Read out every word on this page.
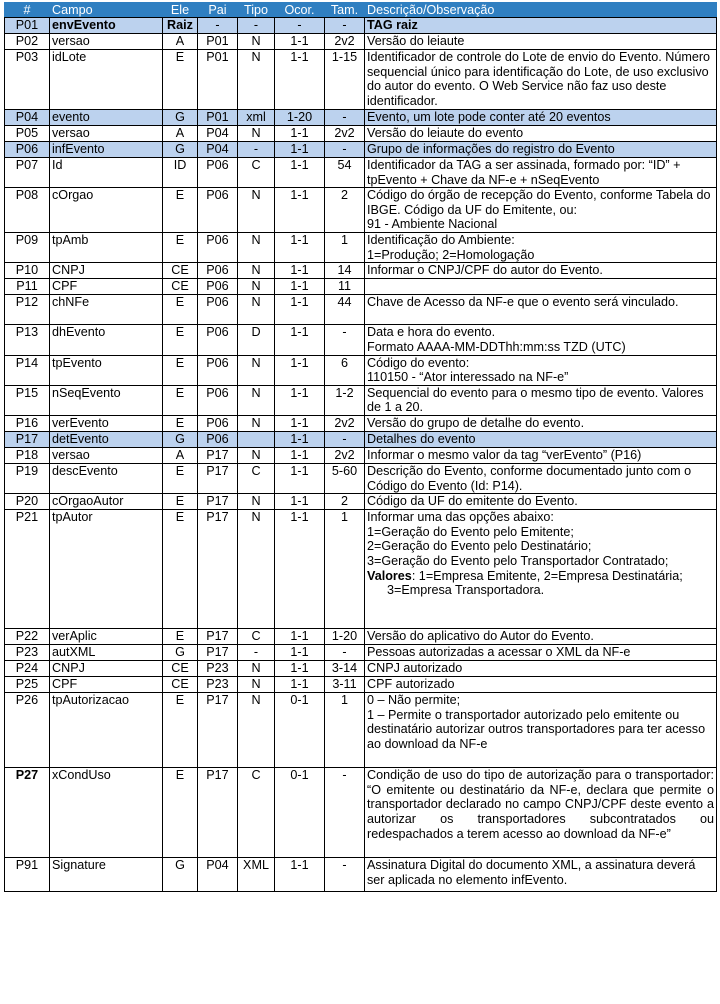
#	Campo	Ele	Pai	Tipo	Ocor.	Tam.	Descrição/Observação
P01	envEvento	Raiz	-	-	-	-	TAG raiz

P02	versao	A	P01	N	1-1	2v2	Versão do leiaute

P03	idLote	E	P01	N	1-1	1-15	Identificador de controle do Lote de envio do Evento. Número sequencial único para identificação do Lote, de uso exclusivo do autor do evento. O Web Service não faz uso deste identificador.

P04	evento	G	P01	xml	1-20	-	Evento, um lote pode conter até 20 eventos

P05	versao	A	P04	N	1-1	2v2	Versão do leiaute do evento

P06	infEvento	G	P04	-	1-1	-	Grupo de informações do registro do Evento

P07	Id	ID	P06	C	1-1	54	Identificador da TAG a ser assinada, formado por: “ID” + tpEvento + Chave da NF-e + nSeqEvento

P08	cOrgao	E	P06	N	1-1	2	Código do órgão de recepção do Evento, conforme Tabela do IBGE. Código da UF do Emitente, ou:
91 - Ambiente Nacional

P09	tpAmb	E	P06	N	1-1	1	Identificação do Ambiente:
1=Produção; 2=Homologação

P10	CNPJ	CE	P06	N	1-1	14	Informar o CNPJ/CPF do autor do Evento.

P11	CPF	CE	P06	N	1-1	11	
P12	chNFe	E	P06	N	1-1	44	Chave de Acesso da NF-e que o evento será vinculado.

P13	dhEvento	E	P06	D	1-1	-	Data e hora do evento.
Formato AAAA-MM-DDThh:mm:ss TZD (UTC)

P14	tpEvento	E	P06	N	1-1	6	Código do evento:
110150 - “Ator interessado na NF-e”

P15	nSeqEvento	E	P06	N	1-1	1-2	Sequencial do evento para o mesmo tipo de evento. Valores de 1 a 20.

P16	verEvento	E	P06	N	1-1	2v2	Versão do grupo de detalhe do evento.

P17	detEvento	G	P06		1-1	-	Detalhes do evento

P18	versao	A	P17	N	1-1	2v2	Informar o mesmo valor da tag “verEvento” (P16)

P19	descEvento	E	P17	C	1-1	5-60	Descrição do Evento, conforme documentado junto com o Código do Evento (Id: P14).

P20	cOrgaoAutor	E	P17	N	1-1	2	Código da UF do emitente do Evento.

P21	tpAutor	E	P17	N	1-1	1	Informar uma das opções abaixo:
1=Geração do Evento pelo Emitente;
2=Geração do Evento pelo Destinatário;
3=Geração do Evento pelo Transportador Contratado;
Valores: 1=Empresa Emitente, 2=Empresa Destinatária; 3=Empresa Transportadora.

P22	verAplic	E	P17	C	1-1	1-20	Versão do aplicativo do Autor do Evento.

P23	autXML	G	P17	-	1-1	-	Pessoas autorizadas a acessar o XML da NF-e

P24	CNPJ	CE	P23	N	1-1	3-14	CNPJ autorizado

P25	CPF	CE	P23	N	1-1	3-11	CPF autorizado

P26	tpAutorizacao	E	P17	N	0-1	1	0 – Não permite;
1 – Permite o transportador autorizado pelo emitente ou destinatário autorizar outros transportadores para ter acesso ao download da NF-e

P27	xCondUso	E	P17	C	0-1	-	Condição de uso do tipo de autorização para o transportador: “O emitente ou destinatário da NF-e, declara que permite o transportador declarado no campo CNPJ/CPF deste evento a autorizar os transportadores subcontratados ou redespachados a terem acesso ao download da NF-e”

P91	Signature	G	P04	XML	1-1	-	Assinatura Digital do documento XML, a assinatura deverá ser aplicada no elemento infEvento.
